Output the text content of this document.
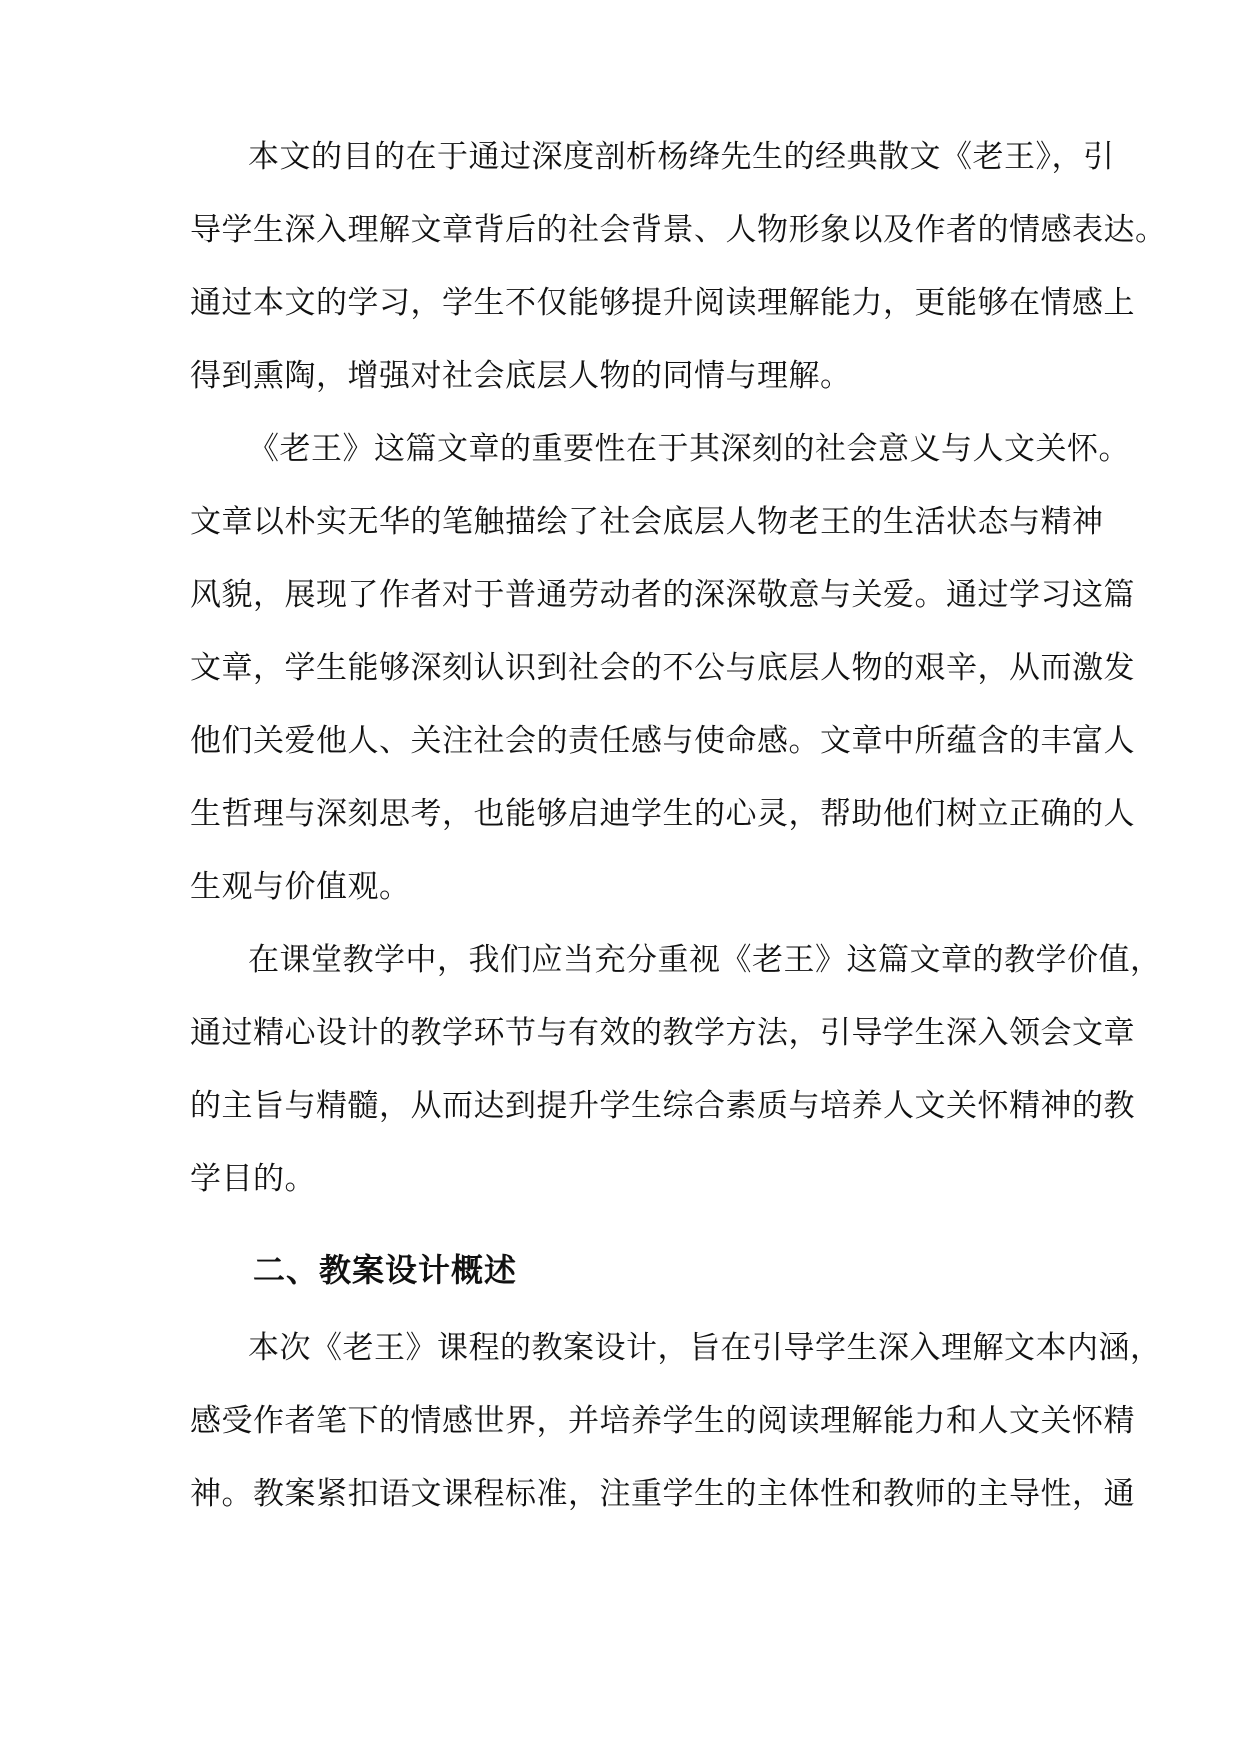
本文的目的在于通过深度剖析杨绛先生的经典散文《老王》，引
导学生深入理解文章背后的社会背景、人物形象以及作者的情感表达。
通过本文的学习，学生不仅能够提升阅读理解能力，更能够在情感上
得到熏陶，增强对社会底层人物的同情与理解。
《老王》这篇文章的重要性在于其深刻的社会意义与人文关怀。
文章以朴实无华的笔触描绘了社会底层人物老王的生活状态与精神
风貌，展现了作者对于普通劳动者的深深敬意与关爱。通过学习这篇
文章，学生能够深刻认识到社会的不公与底层人物的艰辛，从而激发
他们关爱他人、关注社会的责任感与使命感。文章中所蕴含的丰富人
生哲理与深刻思考，也能够启迪学生的心灵，帮助他们树立正确的人
生观与价值观。
在课堂教学中，我们应当充分重视《老王》这篇文章的教学价值，
通过精心设计的教学环节与有效的教学方法，引导学生深入领会文章
的主旨与精髓，从而达到提升学生综合素质与培养人文关怀精神的教
学目的。
二、教案设计概述
本次《老王》课程的教案设计，旨在引导学生深入理解文本内涵，
感受作者笔下的情感世界，并培养学生的阅读理解能力和人文关怀精
神。教案紧扣语文课程标准，注重学生的主体性和教师的主导性，通
